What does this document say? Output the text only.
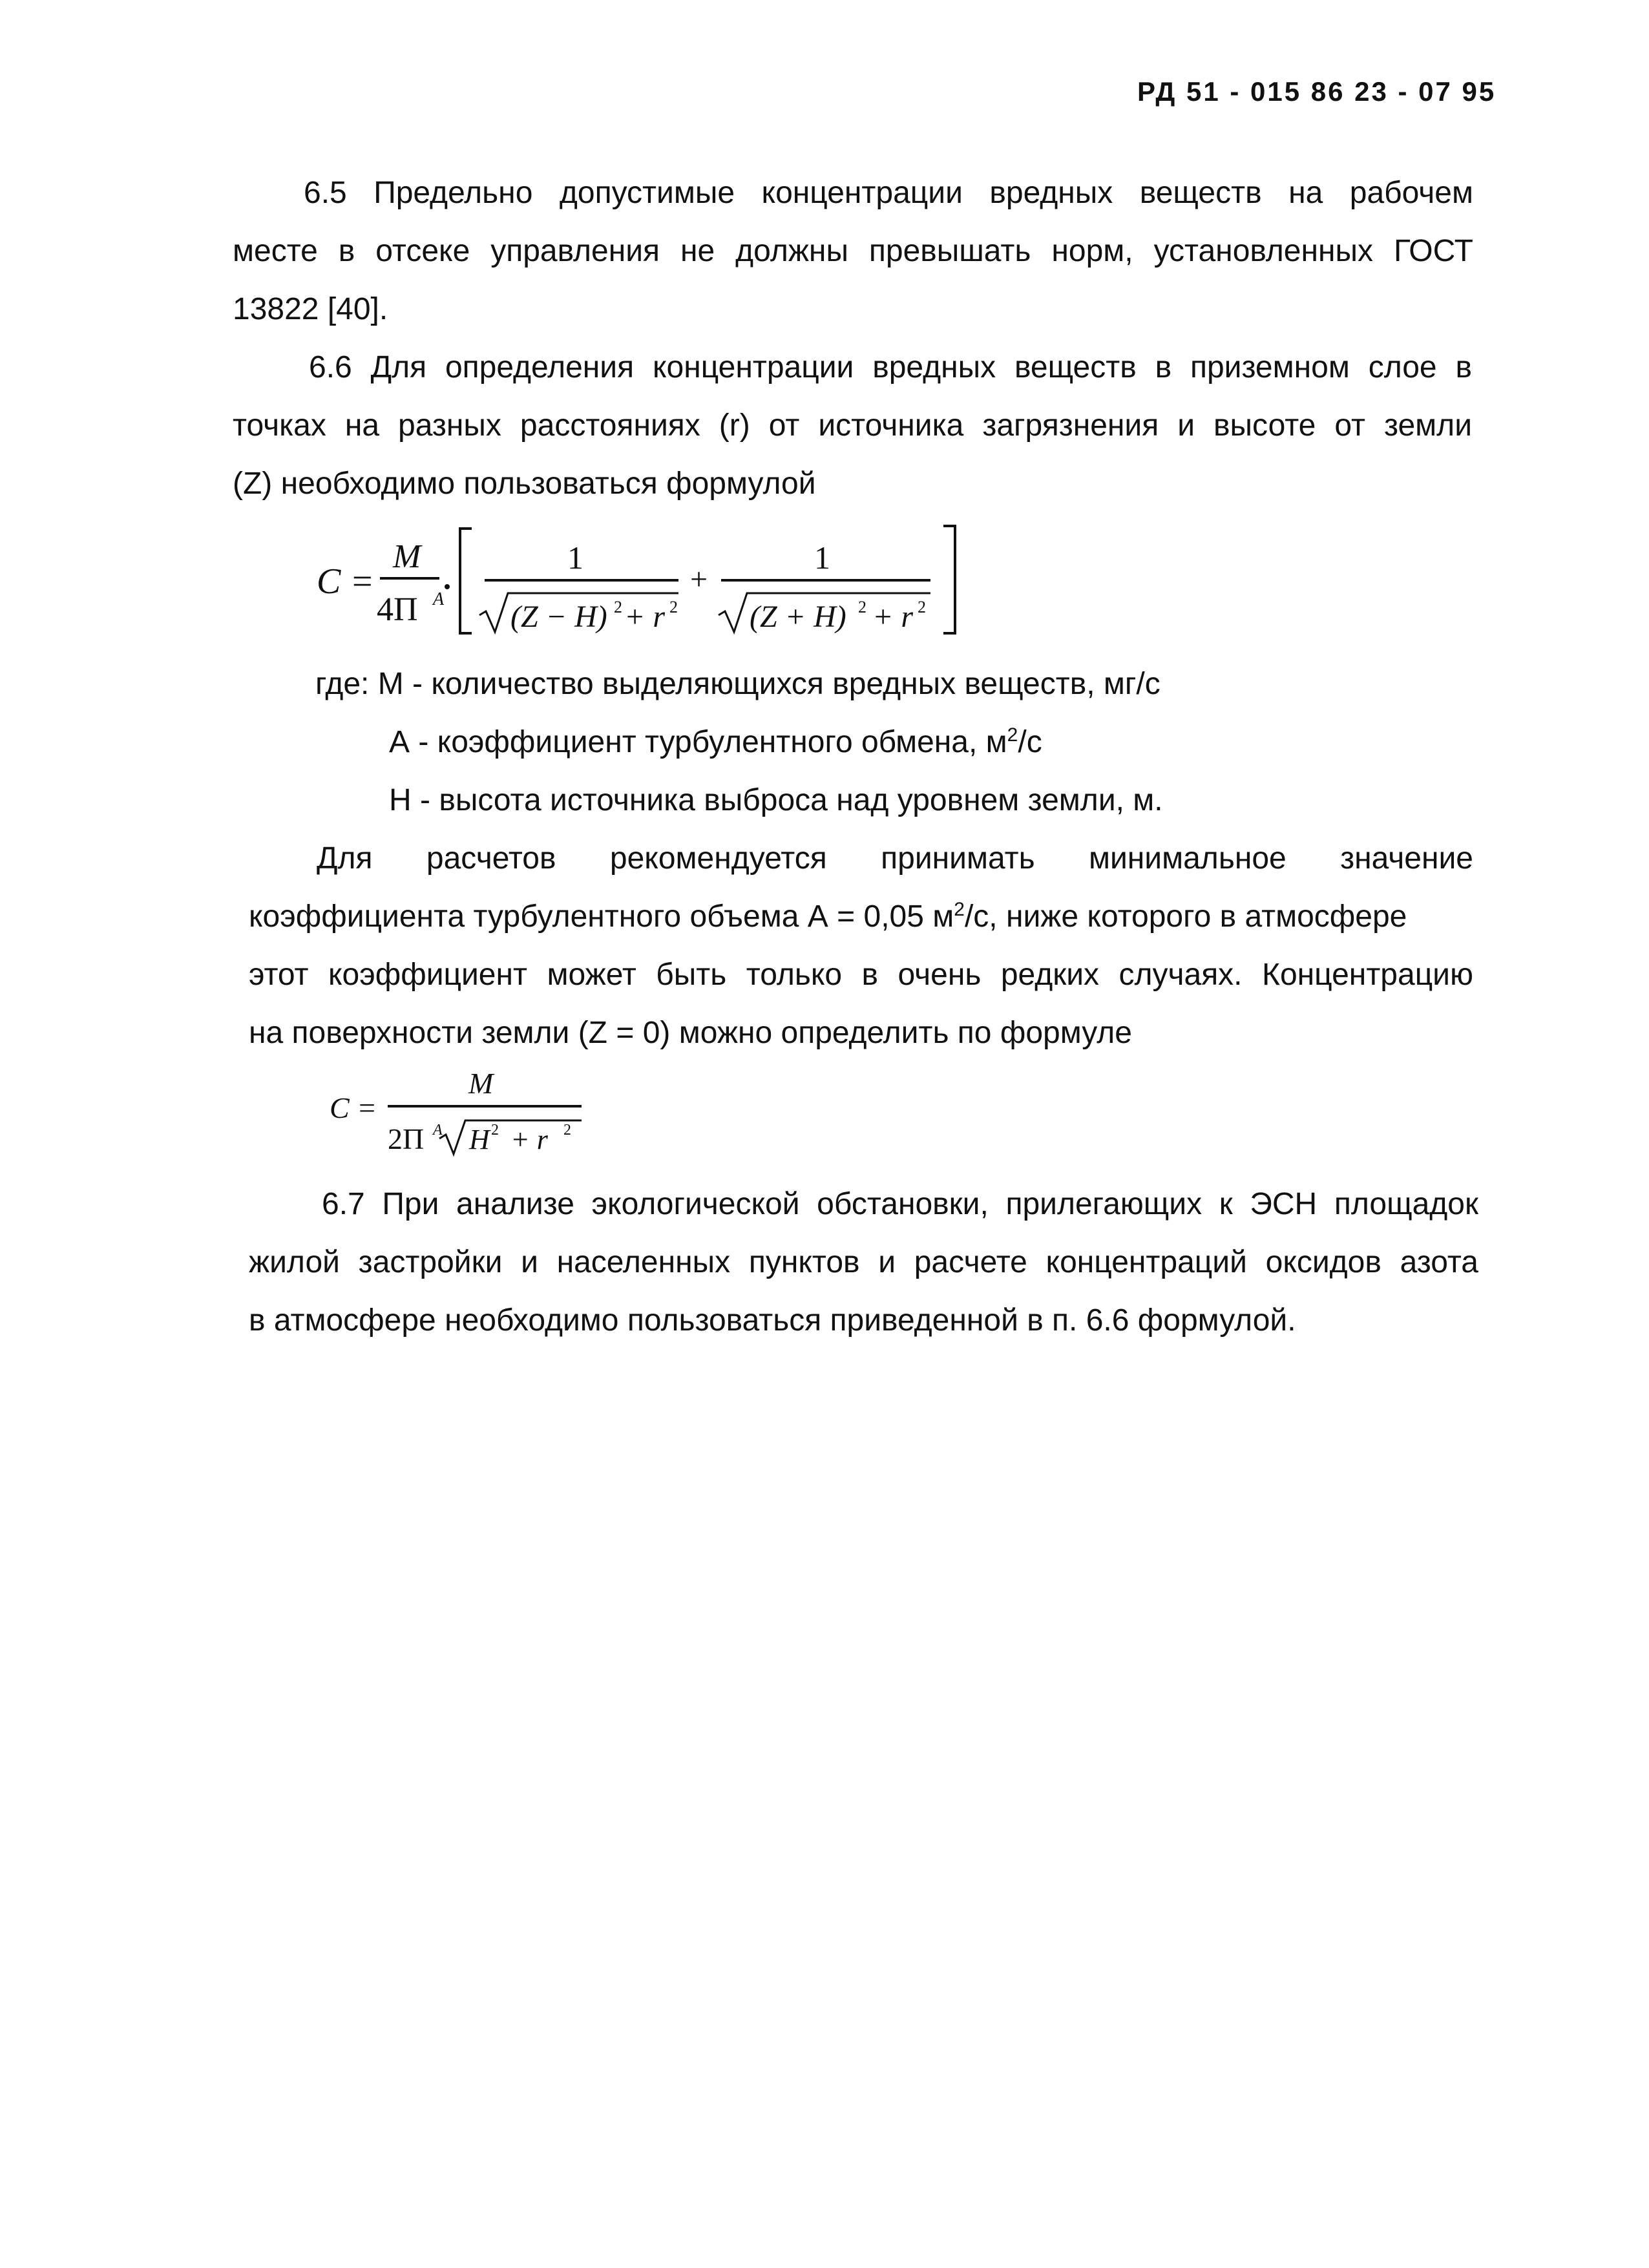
РД 51 - 015 86 23 - 07 95
6.5 Предельно допустимые концентрации вредных веществ на рабочем
месте в отсеке управления не должны превышать норм, установленных ГОСТ
13822 [40].
6.6 Для определения концентрации вредных веществ в приземном слое в
точках на разных расстояниях (r) от источника загрязнения и высоте от земли
(Z) необходимо пользоваться формулой
C =
M
4П A
1
(Z − H) 2 + r 2
+
1
(Z + H) 2 + r 2
где: М - количество выделяющихся вредных веществ, мг/с
А - коэффициент турбулентного обмена, $м^2/с$
Н - высота источника выброса над уровнем земли, м.
Для расчетов рекомендуется принимать минимальное значение
коэффициента турбулентного объема А = 0,05 $м^2/с$, ниже которого в атмосфере
этот коэффициент может быть только в очень редких случаях. Концентрацию
на поверхности земли (Z = 0) можно определить по формуле
C =
M
2П A H 2 + r 2
6.7 При анализе экологической обстановки, прилегающих к ЭСН площадок
жилой застройки и населенных пунктов и расчете концентраций оксидов азота
в атмосфере необходимо пользоваться приведенной в п. 6.6 формулой.
